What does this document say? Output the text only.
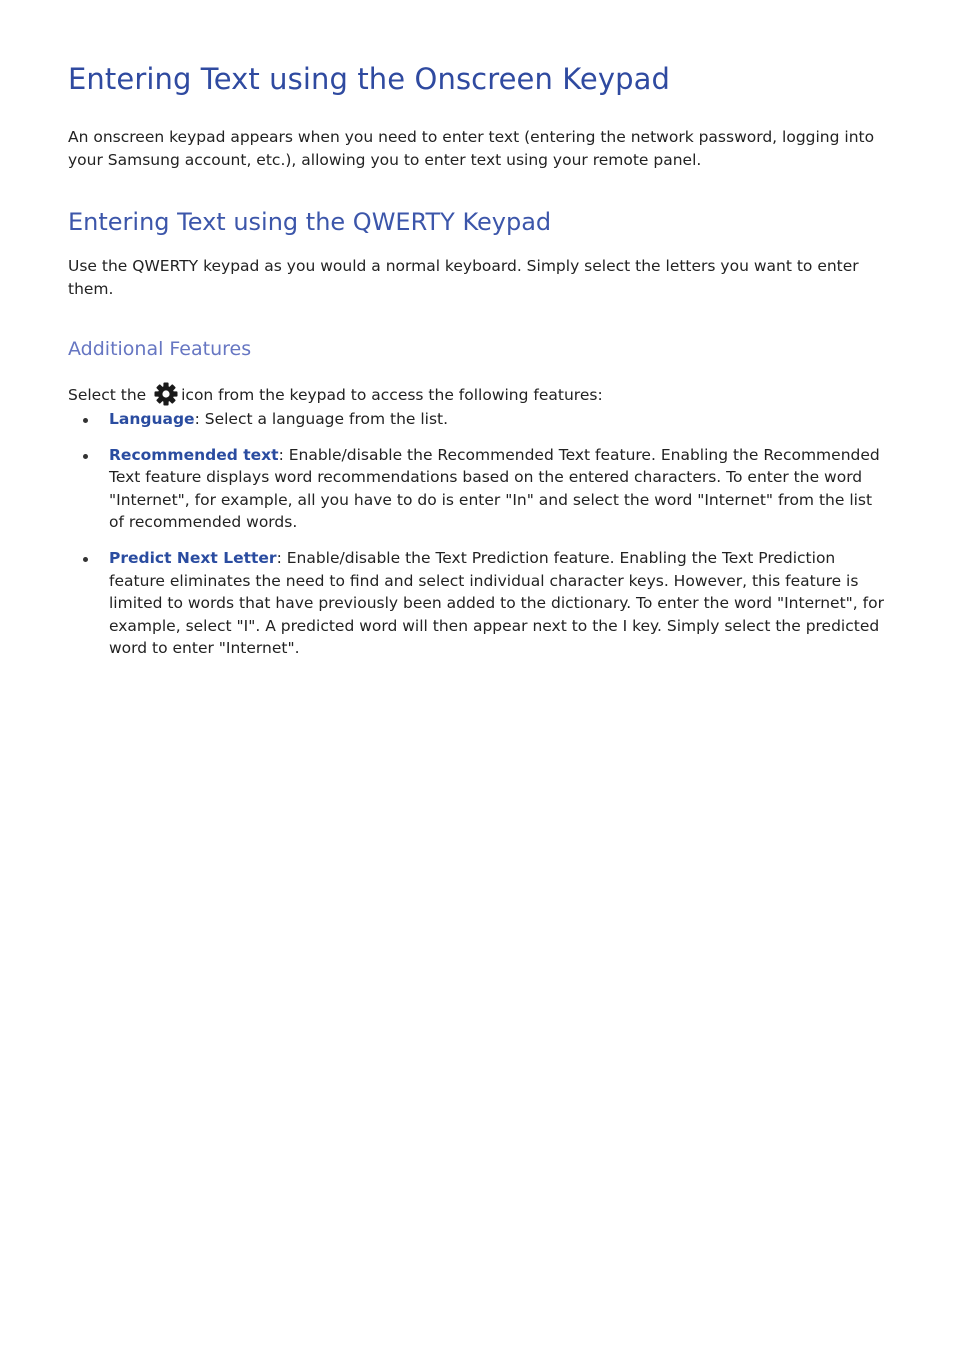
Entering Text using the Onscreen Keypad

An onscreen keypad appears when you need to enter text (entering the network password, logging into your Samsung account, etc.), allowing you to enter text using your remote panel.

Entering Text using the QWERTY Keypad

Use the QWERTY keypad as you would a normal keyboard. Simply select the letters you want to enter them.

Additional Features

Select the icon from the keypad to access the following features:

Language: Select a language from the list.
Recommended text: Enable/disable the Recommended Text feature. Enabling the Recommended Text feature displays word recommendations based on the entered characters. To enter the word "Internet", for example, all you have to do is enter "In" and select the word "Internet" from the list of recommended words.
Predict Next Letter: Enable/disable the Text Prediction feature. Enabling the Text Prediction feature eliminates the need to find and select individual character keys. However, this feature is limited to words that have previously been added to the dictionary. To enter the word "Internet", for example, select "I". A predicted word will then appear next to the I key. Simply select the predicted word to enter "Internet".
